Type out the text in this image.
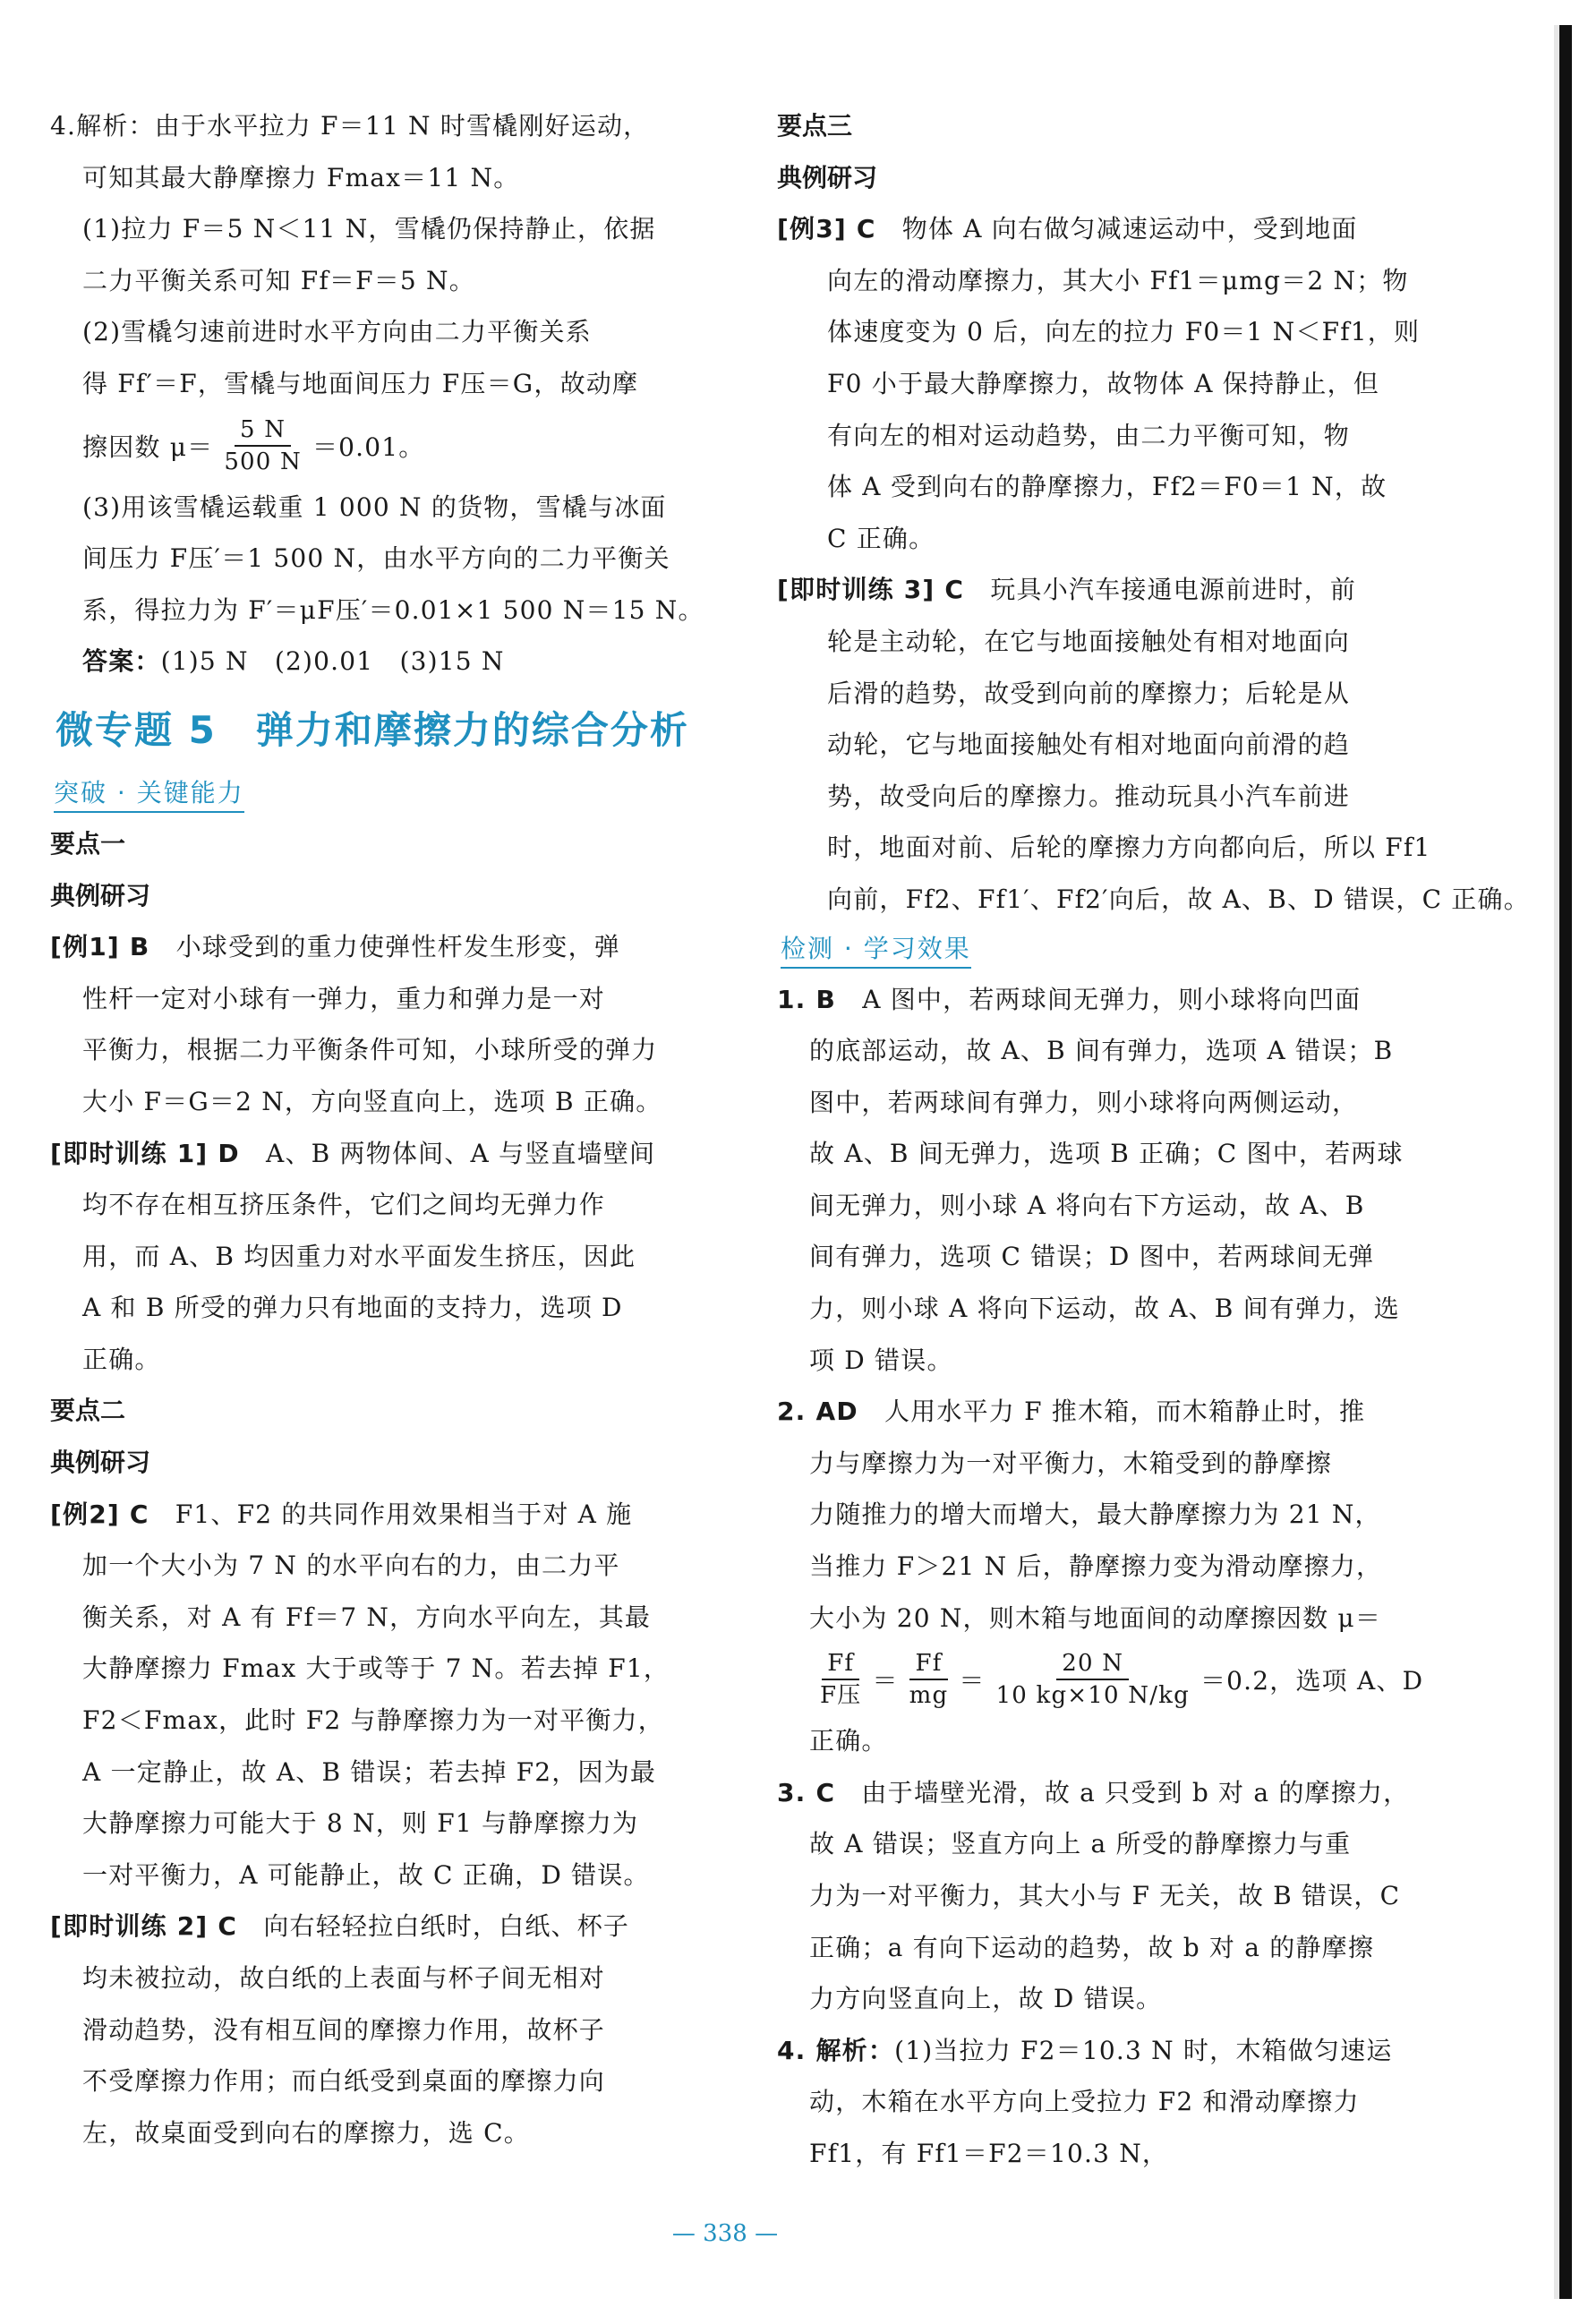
4.解析：由于水平拉力 F＝11 N 时雪橇刚好运动，

可知其最大静摩擦力 Fmax＝11 N。

(1)拉力 F＝5 N＜11 N，雪橇仍保持静止，依据

二力平衡关系可知 Ff＝F＝5 N。

(2)雪橇匀速前进时水平方向由二力平衡关系

得 Ff′＝F，雪橇与地面间压力 F压＝G，故动摩

擦因数 $\mu= \frac{5 N}{500 N} =0.01$。

(3)用该雪橇运载重 1 000 N 的货物，雪橇与冰面

间压力 F压′＝1 500 N，由水平方向的二力平衡关

系，得拉力为 F′＝μF压′＝0.01×1 500 N＝15 N。

答案：(1)5 N　(2)0.01　(3)15 N

微专题 5　弹力和摩擦力的综合分析
突破 · 关键能力

要点一

典例研习

[例1] B　小球受到的重力使弹性杆发生形变，弹

性杆一定对小球有一弹力，重力和弹力是一对

平衡力，根据二力平衡条件可知，小球所受的弹力

大小 F＝G＝2 N，方向竖直向上，选项 B 正确。

[即时训练 1] D　A、B 两物体间、A 与竖直墙壁间

均不存在相互挤压条件，它们之间均无弹力作

用，而 A、B 均因重力对水平面发生挤压，因此

A 和 B 所受的弹力只有地面的支持力，选项 D

正确。

要点二

典例研习

[例2] C　F1、F2 的共同作用效果相当于对 A 施

加一个大小为 7 N 的水平向右的力，由二力平

衡关系，对 A 有 Ff＝7 N，方向水平向左，其最

大静摩擦力 Fmax 大于或等于 7 N。若去掉 F1，

F2＜Fmax，此时 F2 与静摩擦力为一对平衡力，

A 一定静止，故 A、B 错误；若去掉 F2，因为最

大静摩擦力可能大于 8 N，则 F1 与静摩擦力为

一对平衡力，A 可能静止，故 C 正确，D 错误。

[即时训练 2] C　向右轻轻拉白纸时，白纸、杯子

均未被拉动，故白纸的上表面与杯子间无相对

滑动趋势，没有相互间的摩擦力作用，故杯子

不受摩擦力作用；而白纸受到桌面的摩擦力向

左，故桌面受到向右的摩擦力，选 C。

要点三

典例研习

[例3] C　物体 A 向右做匀减速运动中，受到地面

向左的滑动摩擦力，其大小 Ff1＝μmg＝2 N；物

体速度变为 0 后，向左的拉力 F0＝1 N＜Ff1，则

F0 小于最大静摩擦力，故物体 A 保持静止，但

有向左的相对运动趋势，由二力平衡可知，物

体 A 受到向右的静摩擦力，Ff2＝F0＝1 N，故

C 正确。

[即时训练 3] C　玩具小汽车接通电源前进时，前

轮是主动轮，在它与地面接触处有相对地面向

后滑的趋势，故受到向前的摩擦力；后轮是从

动轮，它与地面接触处有相对地面向前滑的趋

势，故受向后的摩擦力。推动玩具小汽车前进

时，地面对前、后轮的摩擦力方向都向后，所以 Ff1

向前，Ff2、Ff1′、Ff2′向后，故 A、B、D 错误，C 正确。

检测 · 学习效果

1. B　A 图中，若两球间无弹力，则小球将向凹面

的底部运动，故 A、B 间有弹力，选项 A 错误；B

图中，若两球间有弹力，则小球将向两侧运动，

故 A、B 间无弹力，选项 B 正确；C 图中，若两球

间无弹力，则小球 A 将向右下方运动，故 A、B

间有弹力，选项 C 错误；D 图中，若两球间无弹

力，则小球 A 将向下运动，故 A、B 间有弹力，选

项 D 错误。

2. AD　人用水平力 F 推木箱，而木箱静止时，推

力与摩擦力为一对平衡力，木箱受到的静摩擦

力随推力的增大而增大，最大静摩擦力为 21 N，

当推力 F＞21 N 后，静摩擦力变为滑动摩擦力，

大小为 20 N，则木箱与地面间的动摩擦因数 μ＝

$\frac{Ff}{\text{F压}} = \frac{Ff}{mg} = \frac{20 N}{10 kg\times 10 N/kg} =0.2$，选项 A、D

正确。

3. C　由于墙壁光滑，故 a 只受到 b 对 a 的摩擦力，

故 A 错误；竖直方向上 a 所受的静摩擦力与重

力为一对平衡力，其大小与 F 无关，故 B 错误，C

正确；a 有向下运动的趋势，故 b 对 a 的静摩擦

力方向竖直向上，故 D 错误。

4. 解析：(1)当拉力 F2＝10.3 N 时，木箱做匀速运

动，木箱在水平方向上受拉力 F2 和滑动摩擦力

Ff1，有 Ff1＝F2＝10.3 N，

— 338 —
